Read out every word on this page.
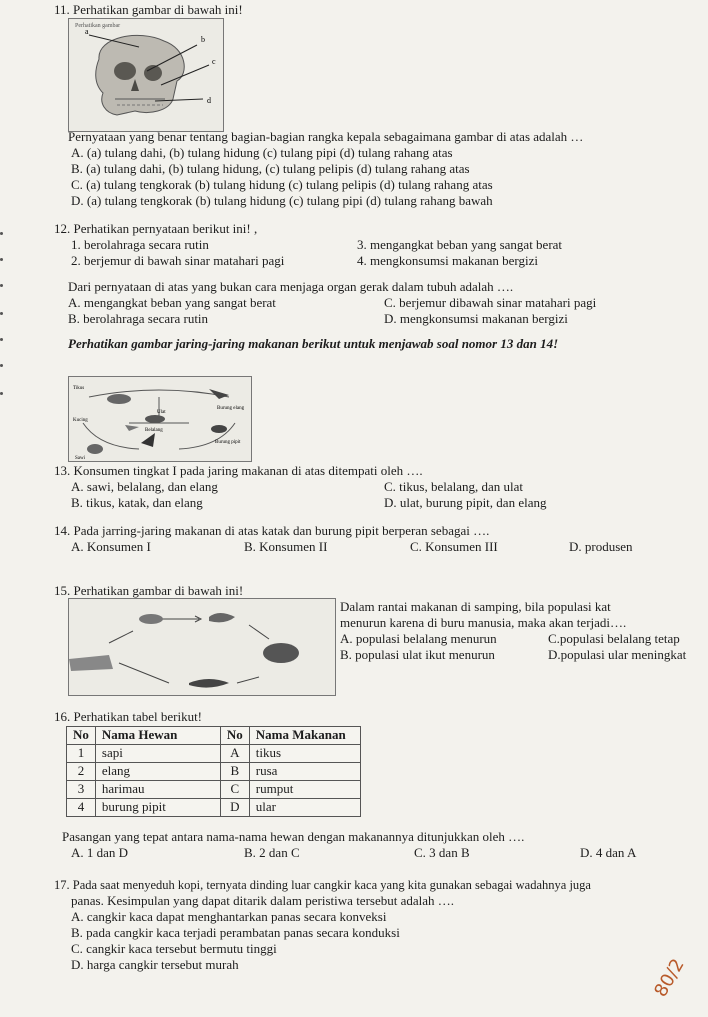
11. Perhatikan gambar di bawah ini!
Perhatikan gambar
a
b
c
d
Pernyataan yang benar tentang bagian-bagian rangka kepala sebagaimana gambar di atas adalah …
A. (a) tulang dahi, (b) tulang hidung (c) tulang pipi (d) tulang rahang atas
B. (a) tulang dahi, (b) tulang hidung, (c) tulang pelipis (d) tulang rahang atas
C. (a) tulang tengkorak (b) tulang hidung (c) tulang pelipis (d) tulang rahang atas
D. (a) tulang tengkorak (b) tulang hidung (c) tulang pipi (d) tulang rahang bawah
12. Perhatikan pernyataan berikut ini! ,
1. berolahraga secara rutin	3. mengangkat beban yang sangat berat
2. berjemur di bawah sinar matahari pagi	4. mengkonsumsi makanan bergizi
Dari pernyataan di atas yang bukan cara menjaga organ gerak dalam tubuh adalah ….
A. mengangkat beban yang sangat berat	C. berjemur dibawah sinar matahari pagi
B. berolahraga secara rutin	D. mengkonsumsi makanan bergizi
Perhatikan gambar jaring-jaring makanan berikut untuk menjawab soal nomor 13 dan 14!
Tikus
Burung elang
Kucing
Belalang
Ulat
Burung pipit
Sawi
13. Konsumen tingkat I pada jaring makanan di atas ditempati oleh ….
A. sawi, belalang, dan elang	C. tikus, belalang, dan ulat
B. tikus, katak, dan elang	D. ulat, burung pipit, dan elang
14. Pada jarring-jaring makanan di atas katak dan burung pipit berperan sebagai ….
A. Konsumen I	B. Konsumen II	C. Konsumen III	D. produsen
15. Perhatikan gambar di bawah ini!
Dalam rantai makanan di samping, bila populasi kat
menurun karena di buru manusia, maka akan terjadi….
A. populasi belalang menurun	C.populasi belalang tetap
B. populasi ulat ikut menurun	D.populasi ular meningkat
16. Perhatikan tabel berikut!
No	Nama Hewan	No	Nama Makanan
1	sapi	A	tikus
2	elang	B	rusa
3	harimau	C	rumput
4	burung pipit	D	ular
Pasangan yang tepat antara nama-nama hewan dengan makanannya ditunjukkan oleh ….
A. 1 dan D	B. 2 dan C	C. 3 dan B	D. 4 dan A
17. Pada saat menyeduh kopi, ternyata dinding luar cangkir kaca yang kita gunakan sebagai wadahnya juga
panas. Kesimpulan yang dapat ditarik dalam peristiwa tersebut adalah ….
A. cangkir kaca dapat menghantarkan panas secara konveksi
B. pada cangkir kaca terjadi perambatan panas secara konduksi
C. cangkir kaca tersebut bermutu tinggi
D. harga cangkir tersebut murah	80/2
